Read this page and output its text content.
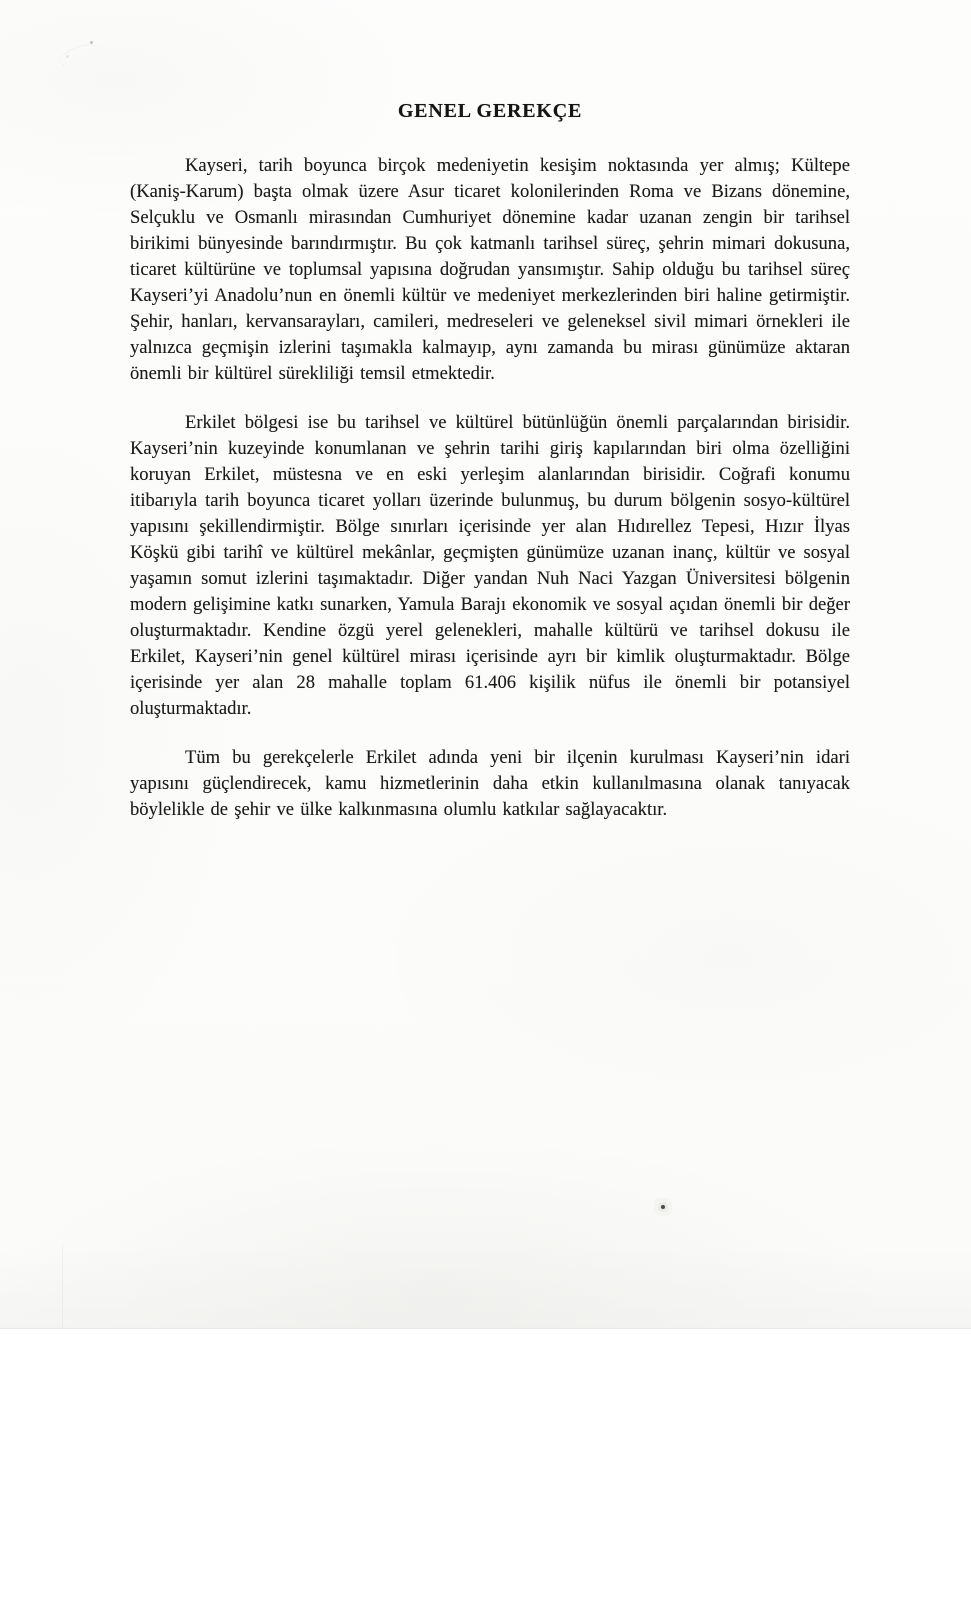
GENEL GEREKÇE

Kayseri, tarih boyunca birçok medeniyetin kesişim noktasında yer almış; Kültepe (Kaniş-Karum) başta olmak üzere Asur ticaret kolonilerinden Roma ve Bizans dönemine, Selçuklu ve Osmanlı mirasından Cumhuriyet dönemine kadar uzanan zengin bir tarihsel birikimi bünyesinde barındırmıştır. Bu çok katmanlı tarihsel süreç, şehrin mimari dokusuna, ticaret kültürüne ve toplumsal yapısına doğrudan yansımıştır. Sahip olduğu bu tarihsel süreç Kayseri’yi Anadolu’nun en önemli kültür ve medeniyet merkezlerinden biri haline getirmiştir. Şehir, hanları, kervansarayları, camileri, medreseleri ve geleneksel sivil mimari örnekleri ile yalnızca geçmişin izlerini taşımakla kalmayıp, aynı zamanda bu mirası günümüze aktaran önemli bir kültürel sürekliliği temsil etmektedir.

Erkilet bölgesi ise bu tarihsel ve kültürel bütünlüğün önemli parçalarından birisidir. Kayseri’nin kuzeyinde konumlanan ve şehrin tarihi giriş kapılarından biri olma özelliğini koruyan Erkilet, müstesna ve en eski yerleşim alanlarından birisidir. Coğrafi konumu itibarıyla tarih boyunca ticaret yolları üzerinde bulunmuş, bu durum bölgenin sosyo-kültürel yapısını şekillendirmiştir. Bölge sınırları içerisinde yer alan Hıdırellez Tepesi, Hızır İlyas Köşkü gibi tarihî ve kültürel mekânlar, geçmişten günümüze uzanan inanç, kültür ve sosyal yaşamın somut izlerini taşımaktadır. Diğer yandan Nuh Naci Yazgan Üniversitesi bölgenin modern gelişimine katkı sunarken, Yamula Barajı ekonomik ve sosyal açıdan önemli bir değer oluşturmaktadır. Kendine özgü yerel gelenekleri, mahalle kültürü ve tarihsel dokusu ile Erkilet, Kayseri’nin genel kültürel mirası içerisinde ayrı bir kimlik oluşturmaktadır. Bölge içerisinde yer alan 28 mahalle toplam 61.406 kişilik nüfus ile önemli bir potansiyel oluşturmaktadır.

Tüm bu gerekçelerle Erkilet adında yeni bir ilçenin kurulması Kayseri’nin idari yapısını güçlendirecek, kamu hizmetlerinin daha etkin kullanılmasına olanak tanıyacak böylelikle de şehir ve ülke kalkınmasına olumlu katkılar sağlayacaktır.
